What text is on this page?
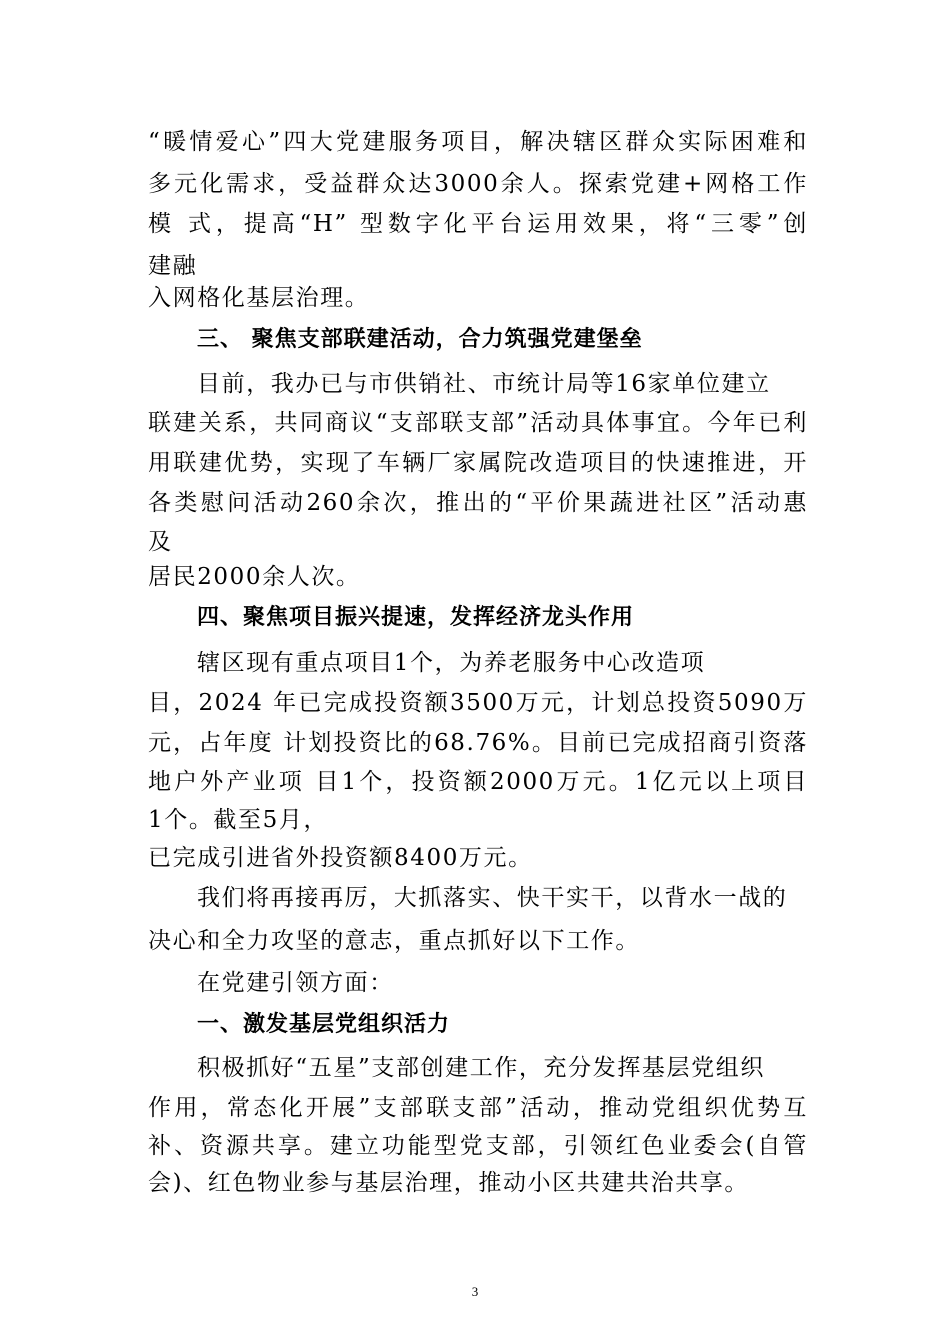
“暖情爱心”四大党建服务项目，解决辖区群众实际困难和
多元化需求，受益群众达3000余人。探索党建+网格工作
模 式，提高“H” 型数字化平台运用效果，将“三零”创
建融
入网格化基层治理。
三、 聚焦支部联建活动，合力筑强党建堡垒
目前，我办已与市供销社、市统计局等16家单位建立
联建关系，共同商议“支部联支部”活动具体事宜。今年已利
用联建优势，实现了车辆厂家属院改造项目的快速推进，开
各类慰问活动260余次，推出的“平价果蔬进社区”活动惠
及
居民2000余人次。
四、聚焦项目振兴提速，发挥经济龙头作用
辖区现有重点项目1个，为养老服务中心改造项
目，2024 年已完成投资额3500万元，计划总投资5090万
元，占年度 计划投资比的68.76%。目前已完成招商引资落
地户外产业项 目1个，投资额2000万元。1亿元以上项目
1个。截至5月，
已完成引进省外投资额8400万元。
我们将再接再厉，大抓落实、快干实干，以背水一战的
决心和全力攻坚的意志，重点抓好以下工作。
在党建引领方面：
一、激发基层党组织活力
积极抓好“五星”支部创建工作，充分发挥基层党组织
作用，常态化开展”支部联支部”活动，推动党组织优势互
补、资源共享。建立功能型党支部，引领红色业委会(自管
会)、红色物业参与基层治理，推动小区共建共治共享。
3
